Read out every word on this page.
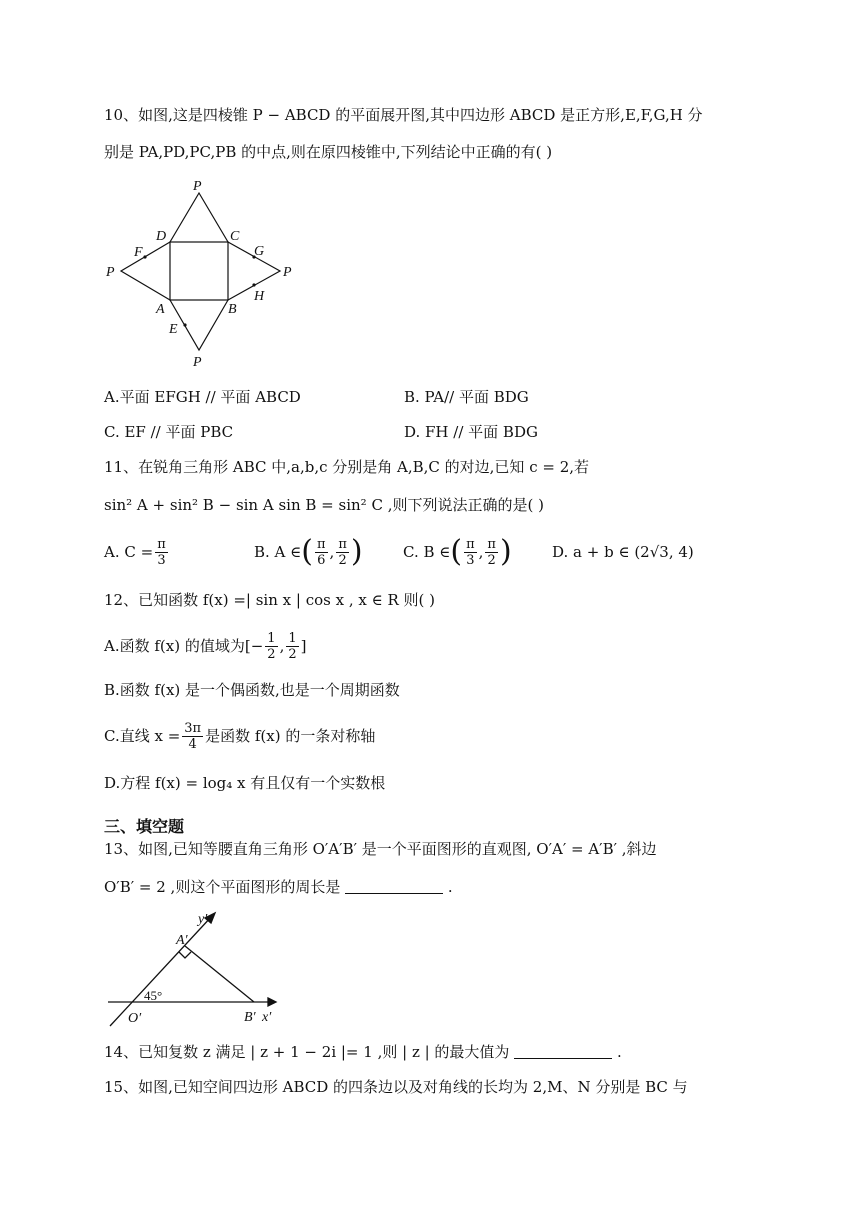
10、如图,这是四棱锥 P − ABCD 的平面展开图,其中四边形 ABCD 是正方形,E,F,G,H 分
别是 PA,PD,PC,PB 的中点,则在原四棱锥中,下列结论中正确的有( )
P
P	P
P
D	C
A	B
F	G
E
H
A.平面 EFGH // 平面 ABCD	B. PA// 平面 BDG
C. EF // 平面 PBC	D. FH // 平面 BDG
11、在锐角三角形 ABC 中,a,b,c 分别是角 A,B,C 的对边,已知 c = 2,若
sin² A + sin² B − sin A sin B = sin² C ,则下列说法正确的是( )
A. $C = \frac{\pi}{3}$	B. A ∈ ( $\frac{\pi}{6}$ , $\frac{\pi}{2}$ )	C. B ∈ ( $\frac{\pi}{3}$ , $\frac{\pi}{2}$ )	D. a + b ∈ (2√3, 4)
12、已知函数 f(x) =| sin x | cos x , x ∈ R 则( )
A.函数 f(x) 的值域为[− $\frac{1}{2}$ , $\frac{1}{2}$ ]
B.函数 f(x) 是一个偶函数,也是一个周期函数
C.直线 $x = \frac{3\pi}{4}$ 是函数 f(x) 的一条对称轴
D.方程 f(x) = log₄ x 有且仅有一个实数根
三、填空题
13、如图,已知等腰直角三角形 O′A′B′ 是一个平面图形的直观图, O′A′ = A′B′ ,斜边
O′B′ = 2 ,则这个平面图形的周长是	.
y′
A′
45°
O′	B′ x′
14、已知复数 z 满足 | z + 1 − 2i |= 1 ,则 | z | 的最大值为	.
15、如图,已知空间四边形 ABCD 的四条边以及对角线的长均为 2,M、N 分别是 BC 与
